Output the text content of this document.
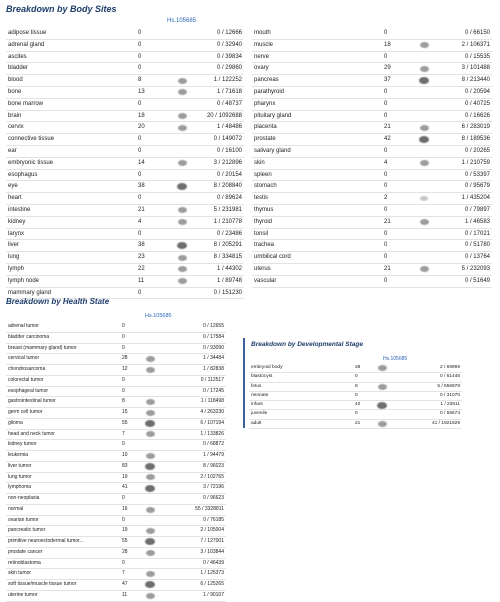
Breakdown by Body Sites
Hs.105685
adipose tissue	0	0 / 12666
adrenal gland	0	0 / 32940
ascites	0	0 / 39834
bladder	0	0 / 29860
blood	8	1 / 122252
bone	13	1 / 71618
bone marrow	0	0 / 48737
brain	18	20 / 1092688
cervix	20	1 / 48486
connective tissue	0	0 / 149072
ear	0	0 / 16100
embryonic tissue	14	3 / 212896
esophagus	0	0 / 20154
eye	38	8 / 208840
heart	0	0 / 89624
intestine	21	5 / 231981
kidney	4	1 / 210778
larynx	0	0 / 23486
liver	38	8 / 205291
lung	23	8 / 334815
lymph	22	1 / 44302
lymph node	11	1 / 89748
mammary gland	0	0 / 151230
mouth	0	0 / 66150
muscle	18	2 / 106371
nerve	0	0 / 15535
ovary	29	3 / 101488
pancreas	37	8 / 213440
parathyroid	0	0 / 20594
pharynx	0	0 / 40725
pituitary gland	0	0 / 16626
placenta	21	6 / 283019
prostate	42	8 / 189536
salivary gland	0	0 / 20265
skin	4	1 / 210759
spleen	0	0 / 53397
stomach	0	0 / 95679
testis	2	1 / 435204
thymus	0	0 / 79897
thyroid	21	1 / 46583
tonsil	0	0 / 17021
trachea	0	0 / 51780
umbilical cord	0	0 / 13764
uterus	21	5 / 232093
vascular	0	0 / 51649
Breakdown by Health State
Hs.105685
adrenal tumor	0	0 / 12655
bladder carcinoma	0	0 / 17584
breast (mammary gland) tumor	0	0 / 93090
cervical tumor	28	1 / 34484
chondrosarcoma	12	1 / 82838
colorectal tumor	0	0 / 112517
esophageal tumor	0	0 / 17245
gastrointestinal tumor	8	1 / 118498
germ cell tumor	15	4 / 263230
glioma	55	6 / 107194
head and neck tumor	7	1 / 133826
kidney tumor	0	0 / 68872
leukemia	10	1 / 94479
liver tumor	83	8 / 96023
lung tumor	19	2 / 102765
lymphoma	41	3 / 72196
non-neoplasia	0	0 / 96623
normal	16	55 / 3328811
ovarian tumor	0	0 / 76185
pancreatic tumor	19	2 / 105004
primitive neuroectodermal tumor...	55	7 / 127001
prostate cancer	28	3 / 103844
retinoblastoma	0	0 / 46439
skin tumor	7	1 / 125373
soft tissue/muscle tissue tumor	47	6 / 125265
uterine tumor	11	1 / 90107
Breakdown by Developmental Stage
Hs.105685
embryoid body	28	2 / 69969
blastocyst	0	0 / 61446
fetus	8	5 / 556978
neonate	0	0 / 31070
infant	42	1 / 23611
juvenile	0	0 / 55674
adult	21	41 / 1921629
